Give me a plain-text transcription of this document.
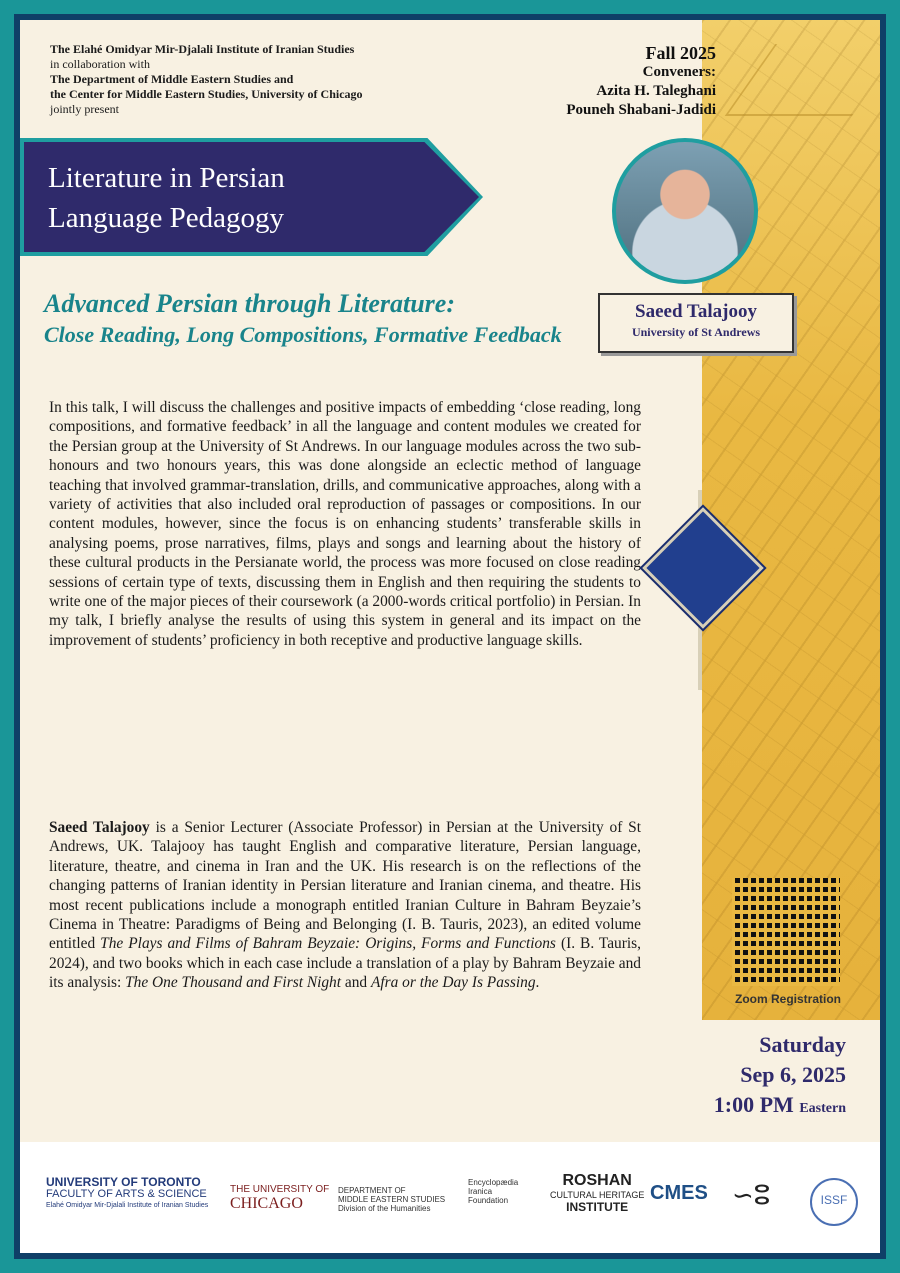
The Elahé Omidyar Mir-Djalali Institute of Iranian Studies
in collaboration with
The Department of Middle Eastern Studies and
the Center for Middle Eastern Studies, University of Chicago
jointly present
Fall 2025
Conveners:
Azita H. Taleghani
Pouneh Shabani-Jadidi
Literature in Persian
Language Pedagogy
Saeed Talajooy
University of St Andrews
Advanced Persian through Literature:
Close Reading, Long Compositions, Formative Feedback
In this talk, I will discuss the challenges and positive impacts of embedding ‘close reading, long compositions, and formative feedback’ in all the language and content modules we created for the Persian group at the University of St Andrews. In our language modules across the two sub-honours and two honours years, this was done alongside an eclectic method of language teaching that involved grammar-translation, drills, and communicative approaches, along with a variety of activities that also included oral reproduction of passages or compositions. In our content modules, however, since the focus is on enhancing students’ transferable skills in analysing poems, prose narratives, films, plays and songs and learning about the history of these cultural products in the Persianate world, the process was more focused on close reading sessions of certain type of texts, discussing them in English and then requiring the students to write one of the major pieces of their coursework (a 2000-words critical portfolio) in Persian. In my talk, I briefly analyse the results of using this system in general and its impact on the improvement of students’ proficiency in both receptive and productive language skills.
Saeed Talajooy is a Senior Lecturer (Associate Professor) in Persian at the University of St Andrews, UK. Talajooy has taught English and comparative literature, Persian language, literature, theatre, and cinema in Iran and the UK. His research is on the reflections of the changing patterns of Iranian identity in Persian literature and Iranian cinema, and theatre. His most recent publications include a monograph entitled Iranian Culture in Bahram Beyzaie’s Cinema in Theatre: Paradigms of Being and Belonging (I. B. Tauris, 2023), an edited volume entitled The Plays and Films of Bahram Beyzaie: Origins, Forms and Functions (I. B. Tauris, 2024), and two books which in each case include a translation of a play by Bahram Beyzaie and its analysis: The One Thousand and First Night and Afra or the Day Is Passing.
Zoom Registration
Saturday
Sep 6, 2025
1:00 PM Eastern
UNIVERSITY OF TORONTO
FACULTY OF ARTS & SCIENCE
Elahé Omidyar Mir-Djalali Institute of Iranian Studies
THE UNIVERSITY OF
CHICAGO
DEPARTMENT OF
MIDDLE EASTERN STUDIES
Division of the Humanities
Encyclopædia
Iranica
Foundation
ROSHAN
CULTURAL HERITAGE
INSTITUTE
CMES ∽ⵓ	ISSF
